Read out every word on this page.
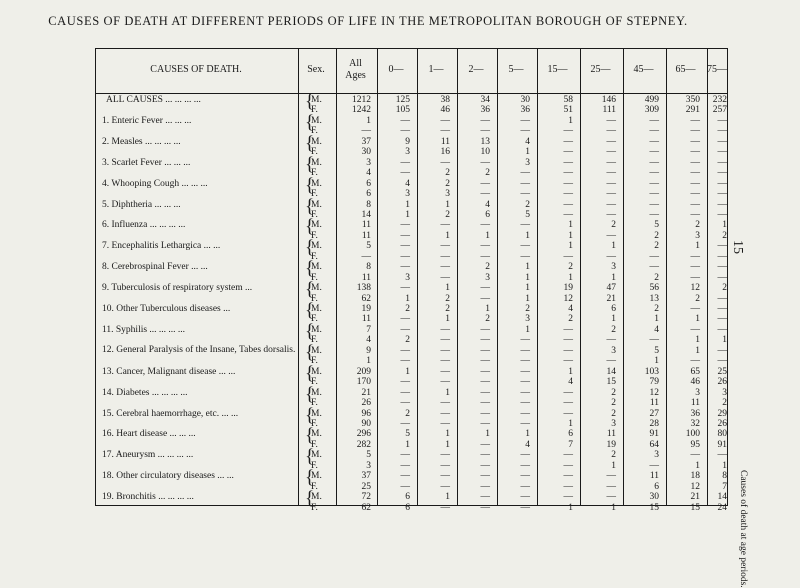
CAUSES OF DEATH AT DIFFERENT PERIODS OF LIFE IN THE METROPOLITAN BOROUGH OF STEPNEY.
CAUSES OF DEATH.	Sex.
All Ages
0—	1—	2—	5—	15—	25—	45—	65—	75—
ALL CAUSES ... ... ... ...	{
M.	1212	125	38	34	30	58	146	499	350	232
F.	1242	105	46	36	36	51	111	309	291	257
1. Enteric Fever ... ... ...	{
M.	1	—	—	—	—	1	—	—	—	—
F.	—	—	—	—	—	—	—	—	—	—
2. Measles ... ... ... ...	{
M.	37	9	11	13	4	—	—	—	—	—
F.	30	3	16	10	1	—	—	—	—	—
3. Scarlet Fever ... ... ...	{
M.	3	—	—	—	3	—	—	—	—	—
F.	4	—	2	2	—	—	—	—	—	—
4. Whooping Cough ... ... ...	{
M.	6	4	2	—	—	—	—	—	—	—
F.	6	3	3	—	—	—	—	—	—	—
5. Diphtheria ... ... ...	{
M.	8	1	1	4	2	—	—	—	—	—
F.	14	1	2	6	5	—	—	—	—	—
6. Influenza ... ... ... ...	{
M.	11	—	—	—	—	1	2	5	2	1
F.	11	—	1	1	1	1	—	2	3	2
7. Encephalitis Lethargica ... ...	{
M.	5	—	—	—	—	1	1	2	1	—
F.	—	—	—	—	—	—	—	—	—	—
8. Cerebrospinal Fever ... ...	{
M.	8	—	—	2	1	2	3	—	—	—
F.	11	3	—	3	1	1	1	2	—	—
9. Tuberculosis of respiratory system ...	{
M.	138	—	1	—	1	19	47	56	12	2
F.	62	1	2	—	1	12	21	13	2	—
10. Other Tuberculous diseases ...	{
M.	19	2	2	1	2	4	6	2	—	—
F.	11	—	1	2	3	2	1	1	1	—
11. Syphilis ... ... ... ...	{
M.	7	—	—	—	1	—	2	4	—	—
F.	4	2	—	—	—	—	—	—	1	1
12. General Paralysis of the Insane, Tabes dorsalis. {
M.	9	—	—	—	—	—	3	5	1	—
F.	1	—	—	—	—	—	—	1	—	—
13. Cancer, Malignant disease ... ...	{
M.	209	1	—	—	—	1	14	103	65	25
F.	170	—	—	—	—	4	15	79	46	26
14. Diabetes ... ... ... ...	{
M.	21	—	1	—	—	—	2	12	3	3
F.	26	—	—	—	—	—	2	11	11	2
15. Cerebral haemorrhage, etc. ... ...	{
M.	96	2	—	—	—	—	2	27	36	29
F.	90	—	—	—	—	1	3	28	32	26
16. Heart disease ... ... ...	{
M.	296	5	1	1	1	6	11	91	100	80
F.	282	1	1	—	4	7	19	64	95	91
17. Aneurysm ... ... ... ...	{
M.	5	—	—	—	—	—	2	3	—	—
F.	3	—	—	—	—	—	1	—	1	1
18. Other circulatory diseases ... ...	{
M.	37	—	—	—	—	—	—	11	18	8
F.	25	—	—	—	—	—	—	6	12	7
19. Bronchitis ... ... ... ...	{
M.	72	6	1	—	—	—	—	30	21	14
F.	62	6	—	—	—	1	1	15	15	24
15
Causes of death at age periods.
